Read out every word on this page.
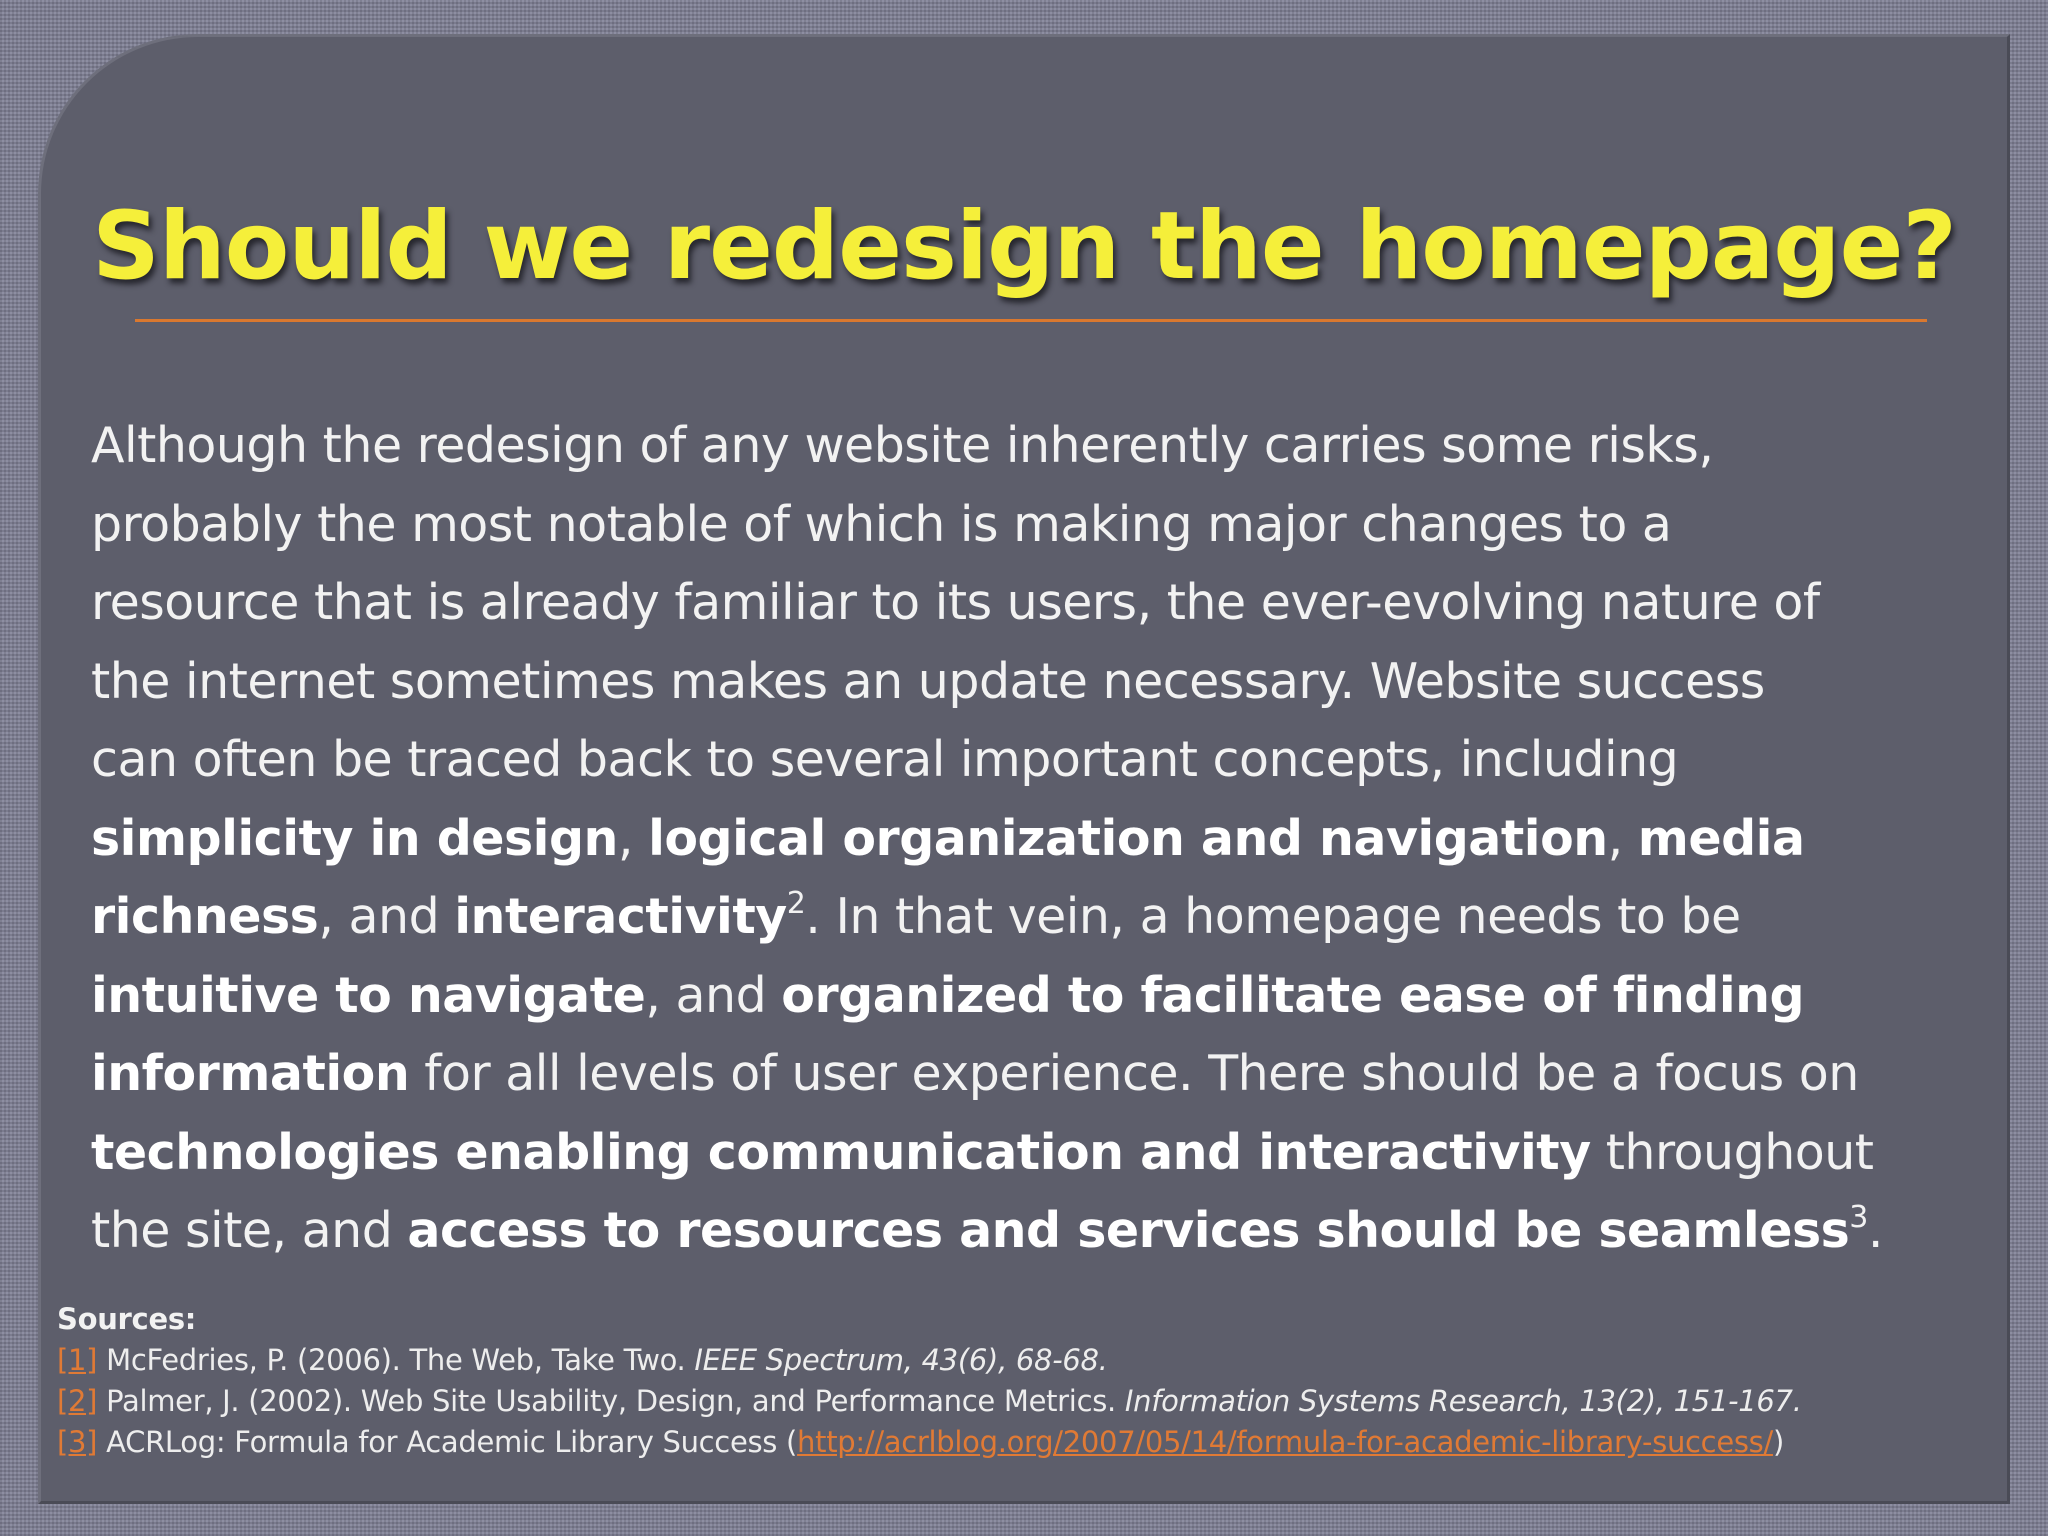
Should we redesign the homepage?
Although the redesign of any website inherently carries some risks,
probably the most notable of which is making major changes to a
resource that is already familiar to its users, the ever-evolving nature of
the internet sometimes makes an update necessary. Website success
can often be traced back to several important concepts, including
simplicity in design, logical organization and navigation, media
richness, and interactivity$^2$. In that vein, a homepage needs to be
intuitive to navigate, and organized to facilitate ease of finding
information for all levels of user experience. There should be a focus on
technologies enabling communication and interactivity throughout
the site, and access to resources and services should be seamless$^3$.
Sources:
[1] McFedries, P. (2006). The Web, Take Two. IEEE Spectrum, 43(6), 68-68.
[2] Palmer, J. (2002). Web Site Usability, Design, and Performance Metrics. Information Systems Research, 13(2), 151-167.
[3] ACRLog: Formula for Academic Library Success (http://acrlblog.org/2007/05/14/formula-for-academic-library-success/)
